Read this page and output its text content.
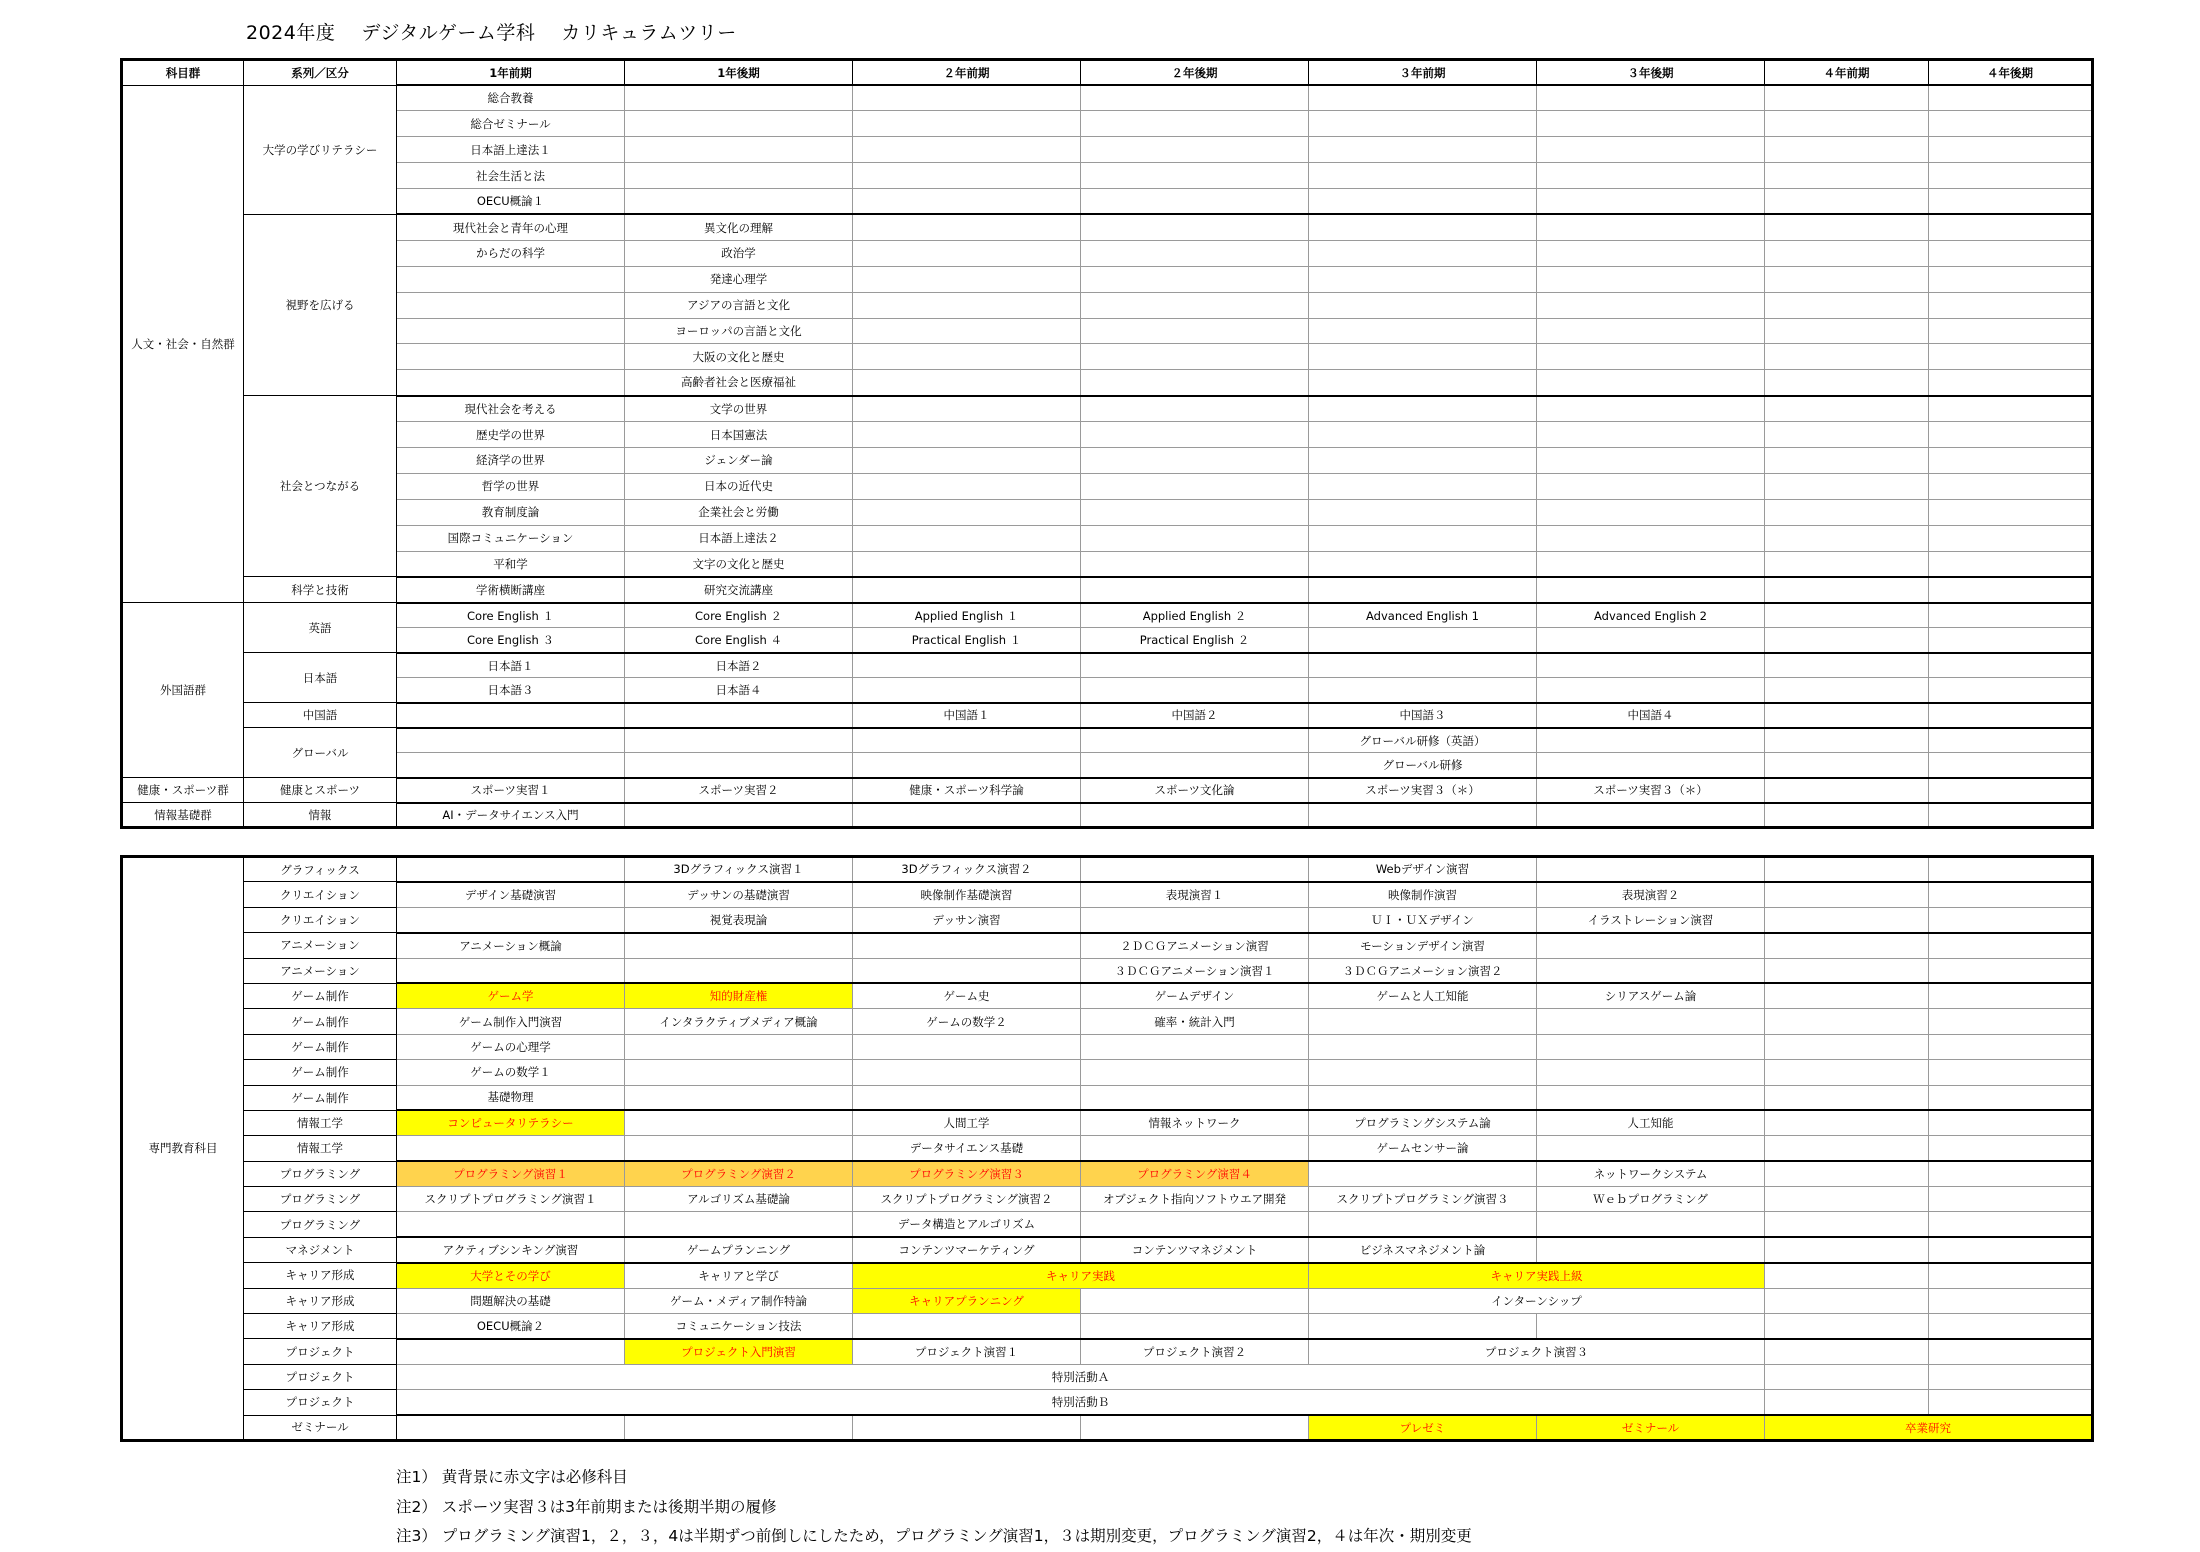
2024年度　 デジタルゲーム学科　 カリキュラムツリー
科目群	系列／区分	1年前期	1年後期	２年前期	２年後期	３年前期	３年後期	４年前期	４年後期
人文・社会・自然群	大学の学びリテラシー	総合教養							
		総合ゼミナール							
		日本語上達法１							
		社会生活と法							
		OECU概論１							
	視野を広げる	現代社会と青年の心理	異文化の理解						
		からだの科学	政治学						
			発達心理学						
			アジアの言語と文化						
			ヨーロッパの言語と文化						
			大阪の文化と歴史						
			高齢者社会と医療福祉						
	社会とつながる	現代社会を考える	文学の世界						
		歴史学の世界	日本国憲法						
		経済学の世界	ジェンダー論						
		哲学の世界	日本の近代史						
		教育制度論	企業社会と労働						
		国際コミュニケーション	日本語上達法２						
		平和学	文字の文化と歴史						
	科学と技術	学術横断講座	研究交流講座						
外国語群	英語	Core English １	Core English ２	Applied English １	Applied English ２	Advanced English 1	Advanced English 2		
		Core English ３	Core English ４	Practical English １	Practical English ２				
	日本語	日本語１	日本語２						
		日本語３	日本語４						
	中国語			中国語１	中国語２	中国語３	中国語４		
	グローバル					グローバル研修（英語）			
						グローバル研修			
健康・スポーツ群	健康とスポーツ	スポーツ実習１	スポーツ実習２	健康・スポーツ科学論	スポーツ文化論	スポーツ実習３（＊）	スポーツ実習３（＊）		
情報基礎群	情報	AI・データサイエンス入門							
専門教育科目	グラフィックス		3Dグラフィックス演習１	3Dグラフィックス演習２		Webデザイン演習			
	クリエイション	デザイン基礎演習	デッサンの基礎演習	映像制作基礎演習	表現演習１	映像制作演習	表現演習２		
	クリエイション		視覚表現論	デッサン演習		ＵＩ・ＵＸデザイン	イラストレーション演習		
	アニメーション	アニメーション概論			２ＤＣＧアニメーション演習	モーションデザイン演習			
	アニメーション				３ＤＣＧアニメーション演習１	３ＤＣＧアニメーション演習２			
	ゲーム制作	ゲーム学	知的財産権	ゲーム史	ゲームデザイン	ゲームと人工知能	シリアスゲーム論		
	ゲーム制作	ゲーム制作入門演習	インタラクティブメディア概論	ゲームの数学２	確率・統計入門				
	ゲーム制作	ゲームの心理学							
	ゲーム制作	ゲームの数学１							
	ゲーム制作	基礎物理							
	情報工学	コンピュータリテラシー		人間工学	情報ネットワーク	プログラミングシステム論	人工知能		
	情報工学			データサイエンス基礎		ゲームセンサー論			
	プログラミング	プログラミング演習１	プログラミング演習２	プログラミング演習３	プログラミング演習４		ネットワークシステム		
	プログラミング	スクリプトプログラミング演習１	アルゴリズム基礎論	スクリプトプログラミング演習２	オブジェクト指向ソフトウエア開発	スクリプトプログラミング演習３	Ｗｅｂプログラミング		
	プログラミング			データ構造とアルゴリズム					
	マネジメント	アクティブシンキング演習	ゲームプランニング	コンテンツマーケティング	コンテンツマネジメント	ビジネスマネジメント論			
	キャリア形成	大学とその学び	キャリアと学び	キャリア実践		キャリア実践上級			
	キャリア形成	問題解決の基礎	ゲーム・メディア制作特論	キャリアプランニング		インターンシップ			
	キャリア形成	OECU概論２	コミュニケーション技法						
	プロジェクト		プロジェクト入門演習	プロジェクト演習１	プロジェクト演習２	プロジェクト演習３			
	プロジェクト	特別活動Ａ							
	プロジェクト	特別活動Ｂ							
	ゼミナール					プレゼミ	ゼミナール	卒業研究	
注1） 黄背景に赤文字は必修科目
注2） スポーツ実習３は3年前期または後期半期の履修
注3） プログラミング演習1，２，３，4は半期ずつ前倒しにしたため，プログラミング演習1，３は期別変更，プログラミング演習2，４は年次・期別変更
